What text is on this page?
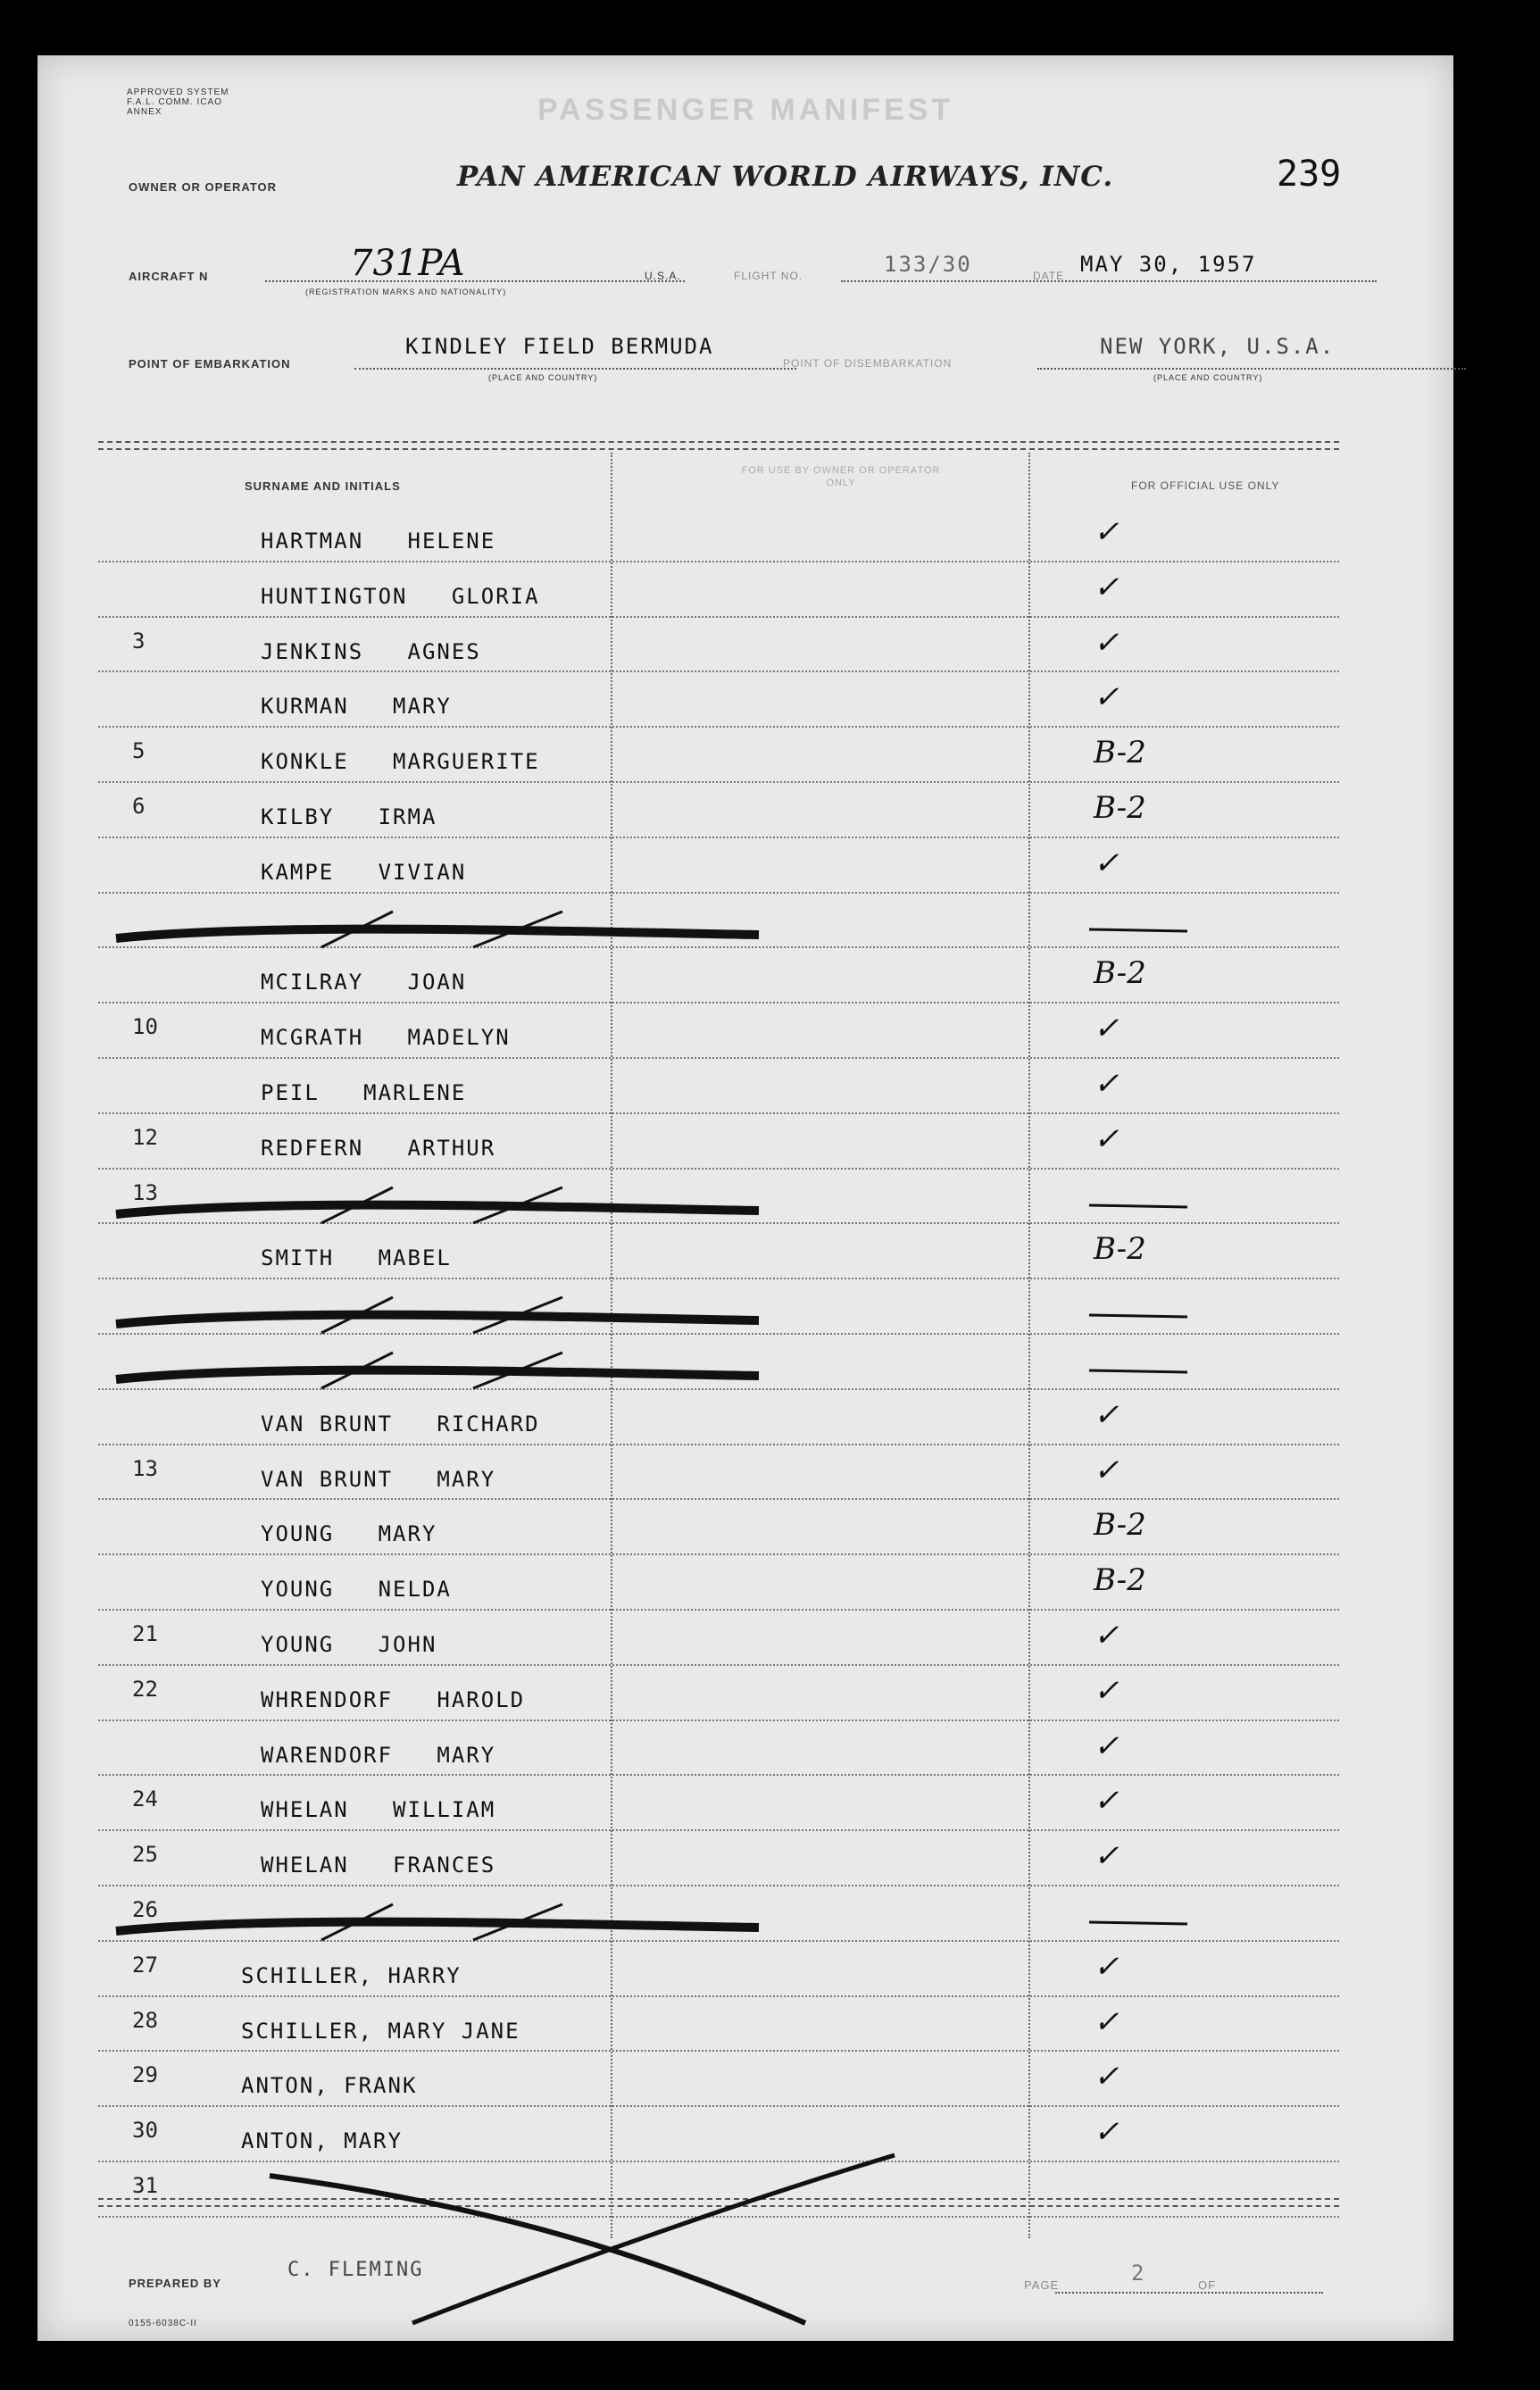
APPROVED SYSTEM F.A.L. COMM. ICAO ANNEX	PASSENGER MANIFEST
239
OWNER OR OPERATOR	PAN AMERICAN WORLD AIRWAYS, INC.
AIRCRAFT N	731PA
(REGISTRATION MARKS AND NATIONALITY)
U.S.A.	FLIGHT NO.	133/30	DATE MAY 30, 1957
POINT OF EMBARKATION
KINDLEY FIELD BERMUDA
(PLACE AND COUNTRY)
POINT OF DISEMBARKATION
NEW YORK, U.S.A.
(PLACE AND COUNTRY)
SURNAME AND INITIALS
FOR USE BY OWNER OR OPERATOR ONLY	FOR OFFICIAL USE ONLY
HARTMAN   HELENE	✓
HUNTINGTON   GLORIA	✓
3	JENKINS   AGNES	✓
KURMAN   MARY	✓
5	KONKLE   MARGUERITE	B-2
6	KILBY   IRMA	B-2
KAMPE   VIVIAN	✓
MCILRAY   JOAN	B-2
10	MCGRATH   MADELYN	✓
PEIL   MARLENE	✓
12	REDFERN   ARTHUR	✓
13
SMITH   MABEL	B-2
VAN BRUNT   RICHARD	✓
13	VAN BRUNT   MARY	✓
YOUNG   MARY	B-2
YOUNG   NELDA	B-2
21	YOUNG   JOHN	✓
22	WHRENDORF   HAROLD	✓
WARENDORF   MARY	✓
24	WHELAN   WILLIAM	✓
25	WHELAN   FRANCES	✓
26
27	SCHILLER, HARRY	✓
28	SCHILLER, MARY JANE	✓
29	ANTON, FRANK	✓
30	ANTON, MARY	✓
31
PREPARED BY
C. FLEMING
PAGE	2	OF
0155-6038C-II
